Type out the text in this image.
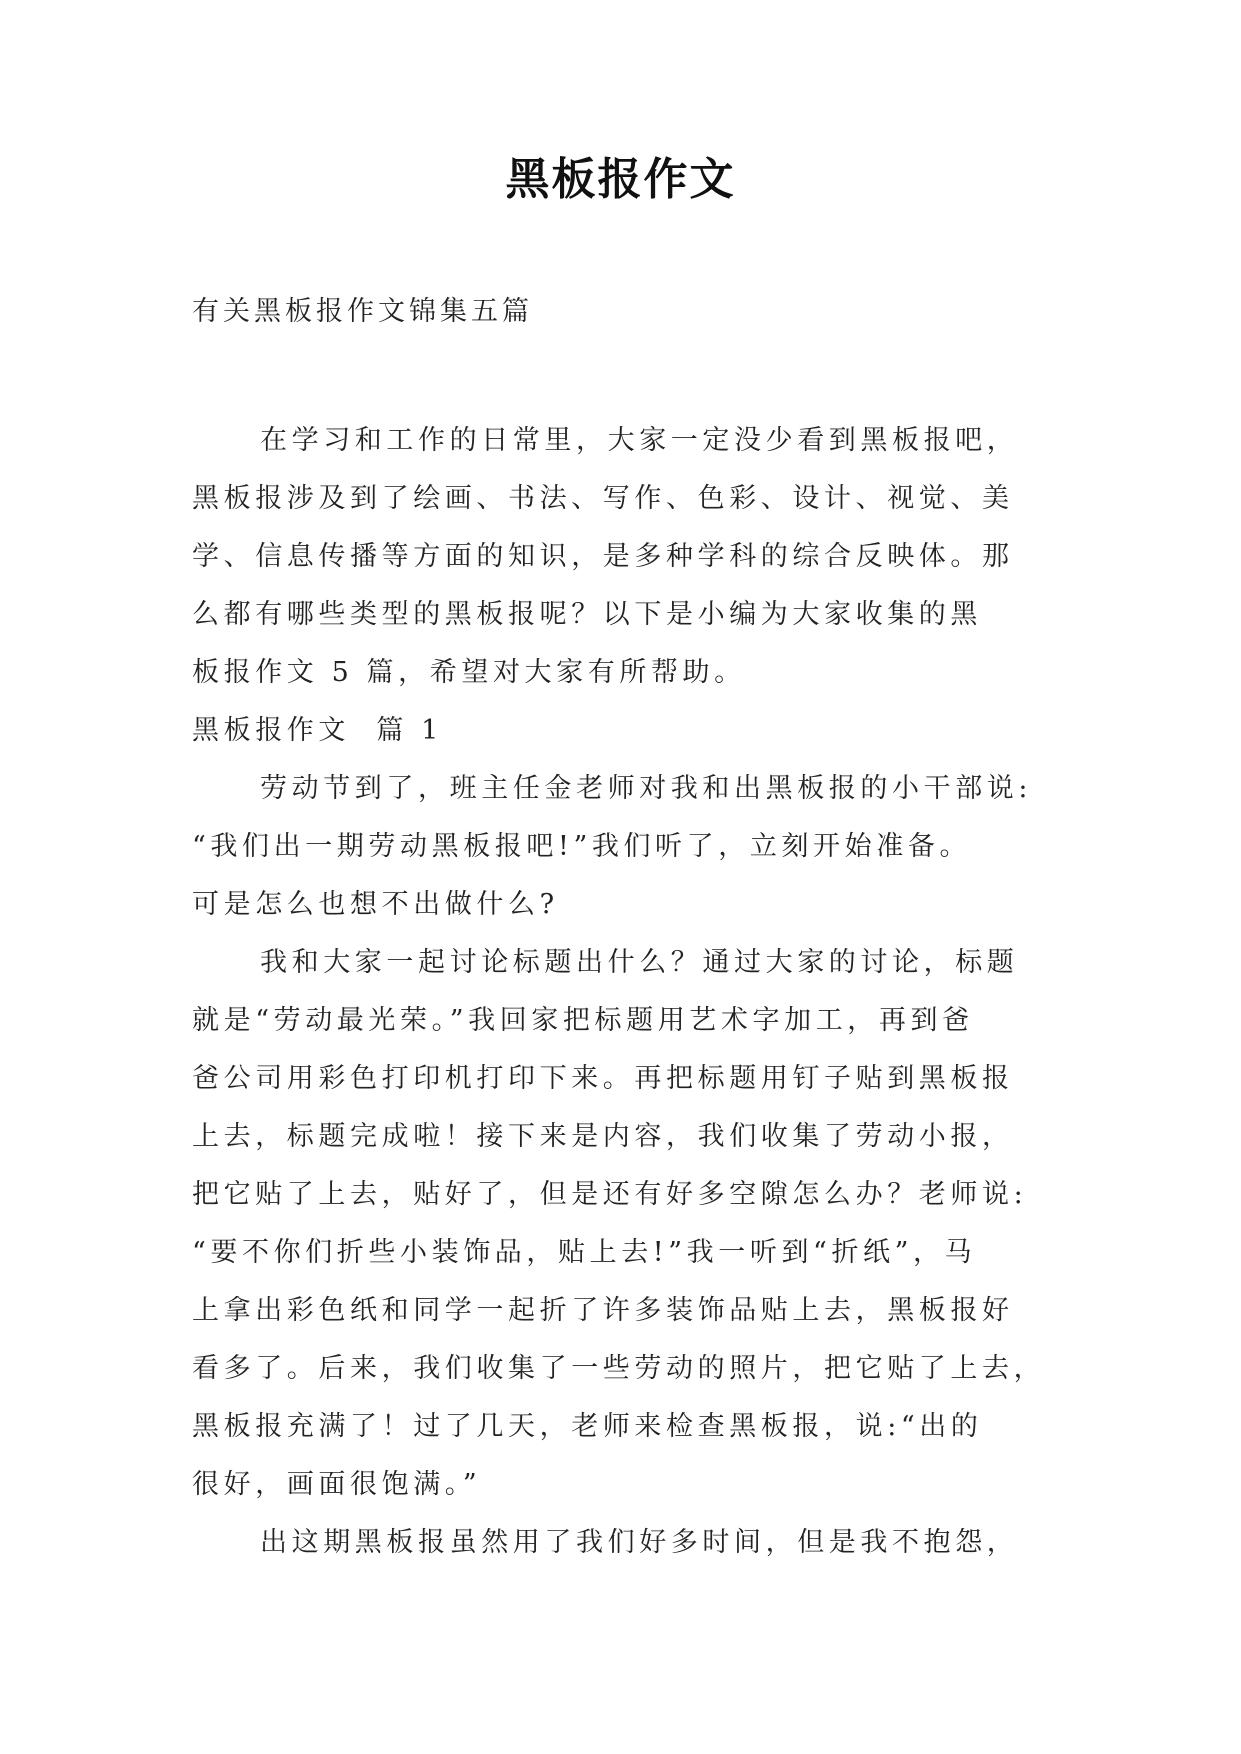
黑板报作文
有关黑板报作文锦集五篇
在学习和工作的日常里，大家一定没少看到黑板报吧，
黑板报涉及到了绘画、书法、写作、色彩、设计、视觉、美
学、信息传播等方面的知识，是多种学科的综合反映体。那
么都有哪些类型的黑板报呢？以下是小编为大家收集的黑
板报作文 5 篇，希望对大家有所帮助。
黑板报作文  篇 1
劳动节到了，班主任金老师对我和出黑板报的小干部说:
“我们出一期劳动黑板报吧!”我们听了，立刻开始准备。
可是怎么也想不出做什么?
我和大家一起讨论标题出什么？通过大家的讨论，标题
就是“劳动最光荣。”我回家把标题用艺术字加工，再到爸
爸公司用彩色打印机打印下来。再把标题用钉子贴到黑板报
上去，标题完成啦！接下来是内容，我们收集了劳动小报，
把它贴了上去，贴好了，但是还有好多空隙怎么办？老师说:
“要不你们折些小装饰品，贴上去!”我一听到“折纸”，马
上拿出彩色纸和同学一起折了许多装饰品贴上去，黑板报好
看多了。后来，我们收集了一些劳动的照片，把它贴了上去，
黑板报充满了！过了几天，老师来检查黑板报，说:“出的
很好，画面很饱满。”
出这期黑板报虽然用了我们好多时间，但是我不抱怨，
